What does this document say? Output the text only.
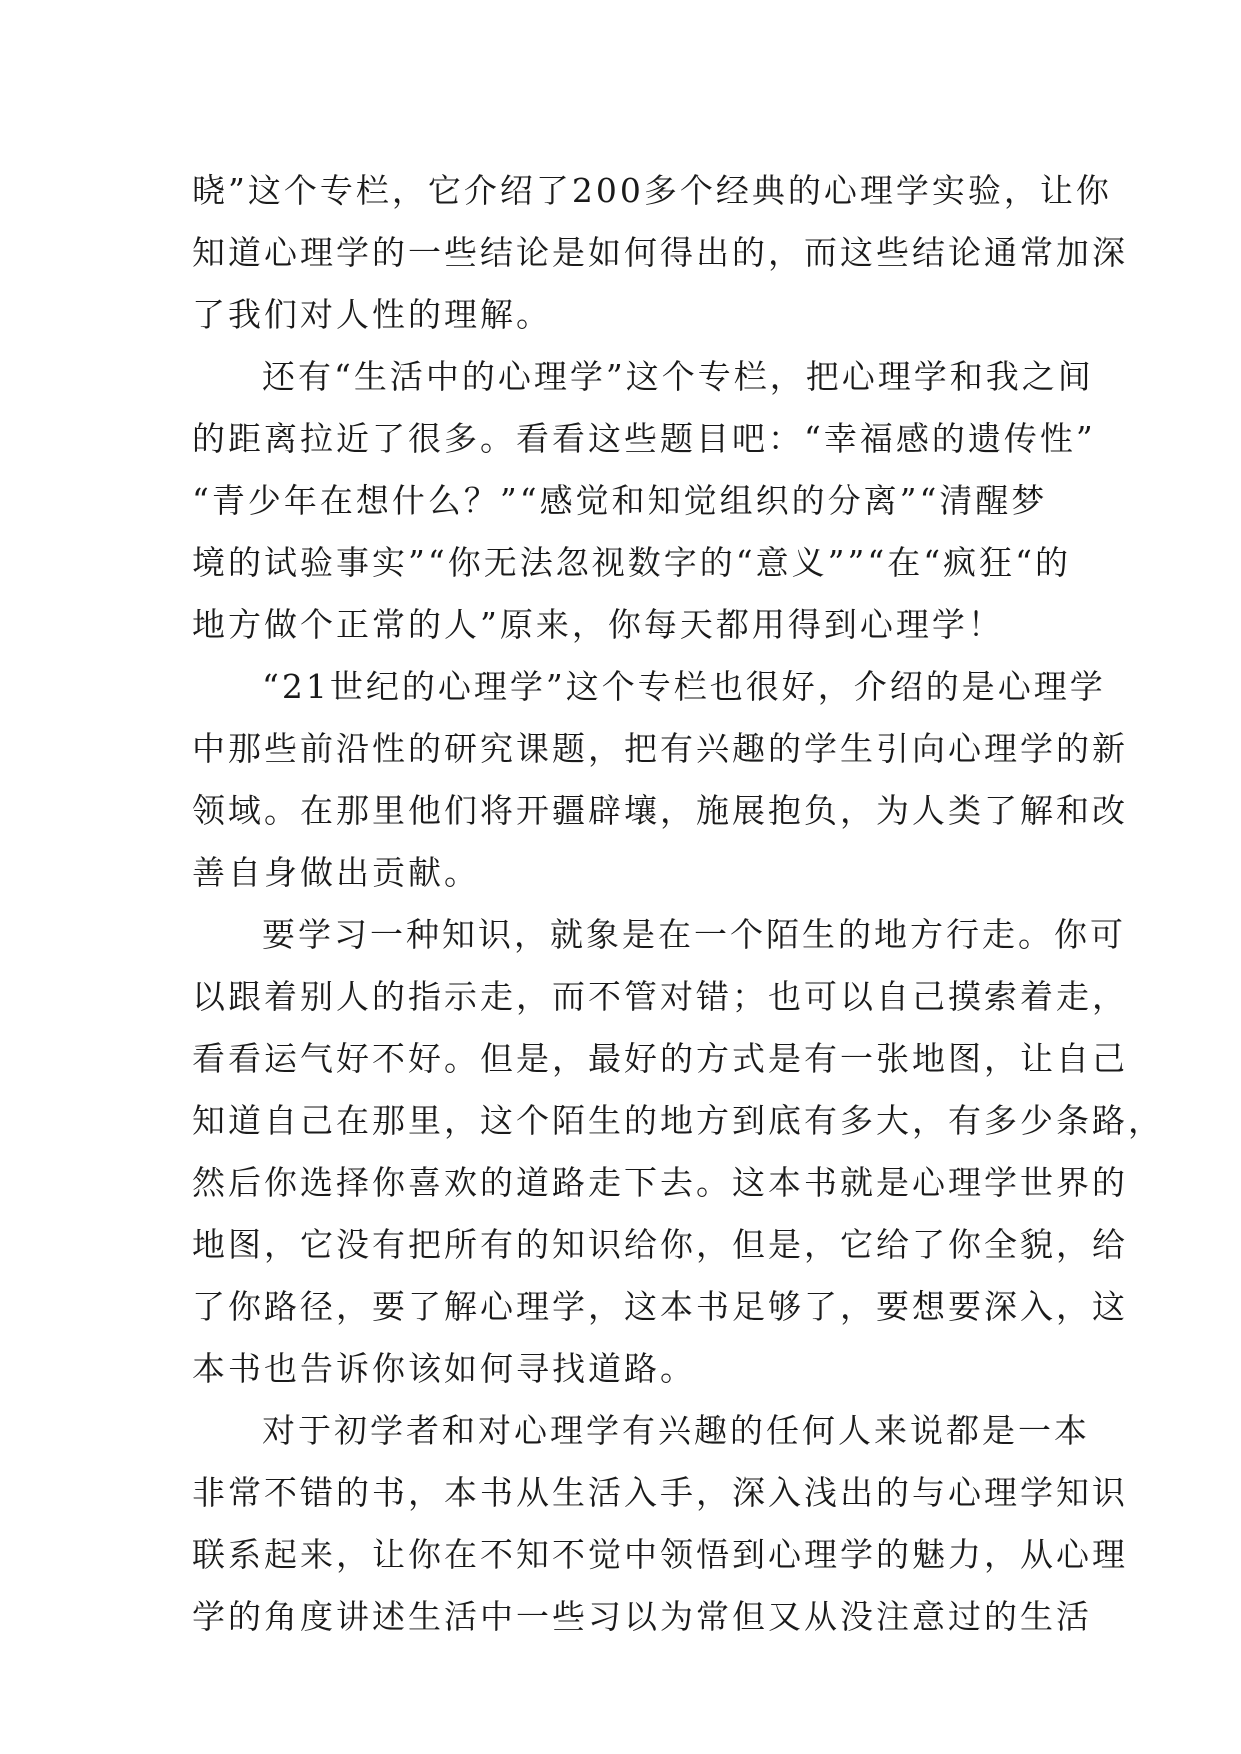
晓”这个专栏，它介绍了200多个经典的心理学实验，让你
知道心理学的一些结论是如何得出的，而这些结论通常加深
了我们对人性的理解。
还有“生活中的心理学”这个专栏，把心理学和我之间
的距离拉近了很多。看看这些题目吧：“幸福感的遗传性”
“青少年在想什么？”“感觉和知觉组织的分离”“清醒梦
境的试验事实”“你无法忽视数字的“意义””“在“疯狂“的
地方做个正常的人”原来，你每天都用得到心理学！
“21世纪的心理学”这个专栏也很好，介绍的是心理学
中那些前沿性的研究课题，把有兴趣的学生引向心理学的新
领域。在那里他们将开疆辟壤，施展抱负，为人类了解和改
善自身做出贡献。
要学习一种知识，就象是在一个陌生的地方行走。你可
以跟着别人的指示走，而不管对错；也可以自己摸索着走，
看看运气好不好。但是，最好的方式是有一张地图，让自己
知道自己在那里，这个陌生的地方到底有多大，有多少条路，
然后你选择你喜欢的道路走下去。这本书就是心理学世界的
地图，它没有把所有的知识给你，但是，它给了你全貌，给
了你路径，要了解心理学，这本书足够了，要想要深入，这
本书也告诉你该如何寻找道路。
对于初学者和对心理学有兴趣的任何人来说都是一本
非常不错的书，本书从生活入手，深入浅出的与心理学知识
联系起来，让你在不知不觉中领悟到心理学的魅力，从心理
学的角度讲述生活中一些习以为常但又从没注意过的生活
